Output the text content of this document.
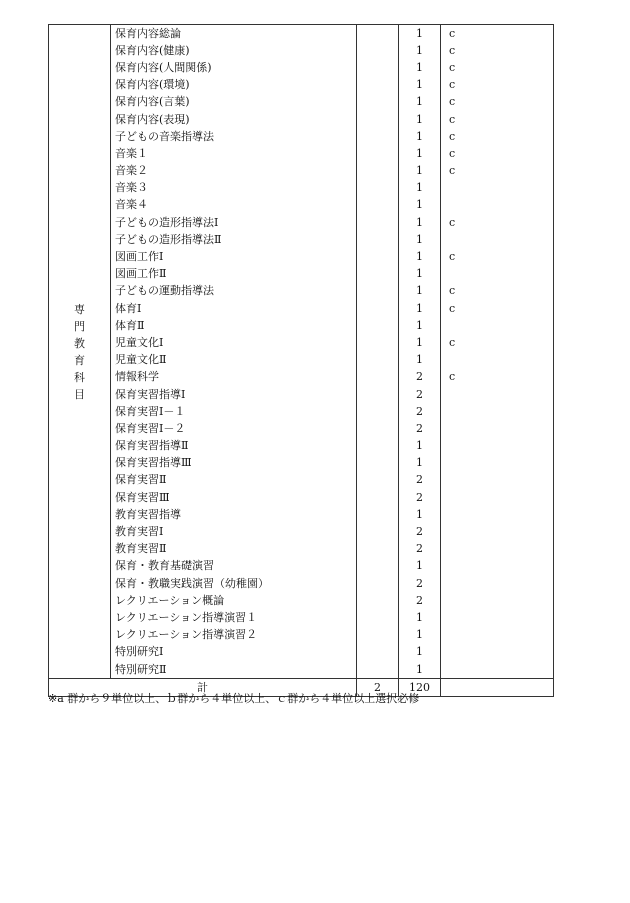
専門教育科目	保育内容総論		1	c
	保育内容(健康)		1	c
	保育内容(人間関係)		1	c
	保育内容(環境)		1	c
	保育内容(言葉)		1	c
	保育内容(表現)		1	c
	子どもの音楽指導法		1	c
	音楽１		1	c
	音楽２		1	c
	音楽３		1	
	音楽４		1	
	子どもの造形指導法Ⅰ		1	c
	子どもの造形指導法Ⅱ		1	
	図画工作Ⅰ		1	c
	図画工作Ⅱ		1	
	子どもの運動指導法		1	c
	体育Ⅰ		1	c
	体育Ⅱ		1	
	児童文化Ⅰ		1	c
	児童文化Ⅱ		1	
	情報科学		2	c
	保育実習指導Ⅰ		2	
	保育実習Ⅰ－１		2	
	保育実習Ⅰ－２		2	
	保育実習指導Ⅱ		1	
	保育実習指導Ⅲ		1	
	保育実習Ⅱ		2	
	保育実習Ⅲ		2	
	教育実習指導		1	
	教育実習Ⅰ		2	
	教育実習Ⅱ		2	
	保育・教育基礎演習		1	
	保育・教職実践演習（幼稚園）		2	
	レクリエーション概論		2	
	レクリエーション指導演習１		1	
	レクリエーション指導演習２		1	
	特別研究Ⅰ		1	
	特別研究Ⅱ		1	
計		2	120	
※a 群から９単位以上、ｂ群から４単位以上、ｃ群から４単位以上選択必修
